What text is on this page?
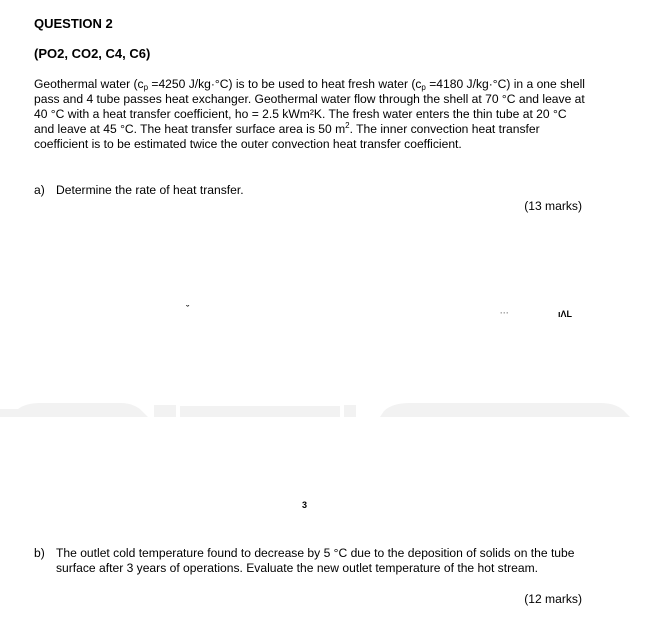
QUESTION 2
(PO2, CO2, C4, C6)
Geothermal water ($c_p =4250$ J/kg·°C) is to be used to heat fresh water ($c_p =4180$ J/kg·°C) in a one shell pass and 4 tube passes heat exchanger. Geothermal water flow through the shell at 70 °C and leave at 40 °C with a heat transfer coefficient, ho = 2.5 kWm²K. The fresh water enters the thin tube at 20 °C and leave at 45 °C. The heat transfer surface area is 50 $m^2$. The inner convection heat transfer coefficient is to be estimated twice the outer convection heat transfer coefficient.
a) Determine the rate of heat transfer.
(13 marks)
ˇ	···	ıΛL
3
b) The outlet cold temperature found to decrease by 5 °C due to the deposition of solids on the tube surface after 3 years of operations. Evaluate the new outlet temperature of the hot stream.
(12 marks)
